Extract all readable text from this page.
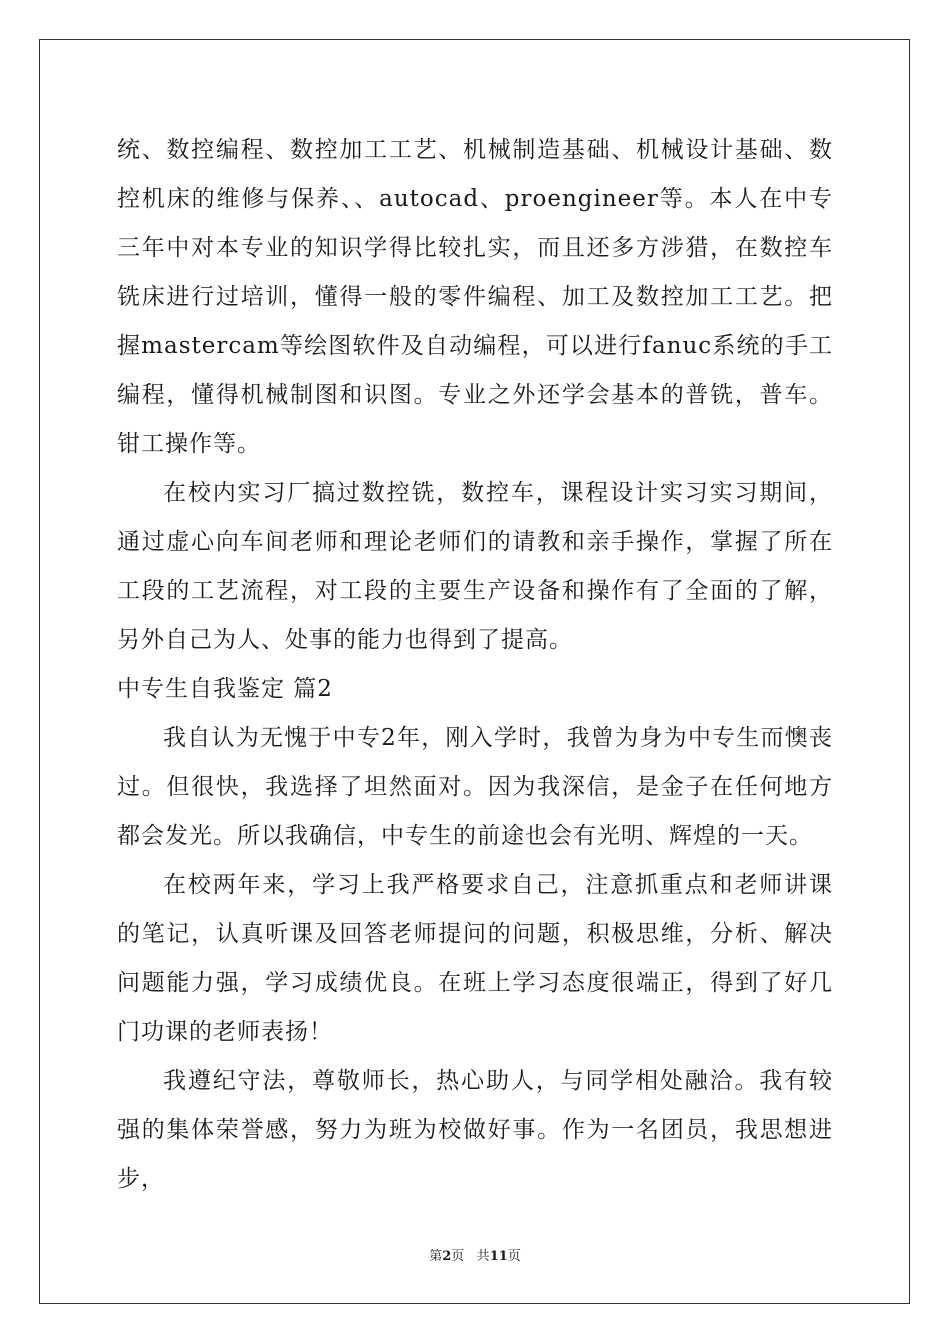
统、数控编程、数控加工工艺、机械制造基础、机械设计基础、数控机床的维修与保养、、autocad、proengineer等。本人在中专三年中对本专业的知识学得比较扎实，而且还多方涉猎，在数控车铣床进行过培训，懂得一般的零件编程、加工及数控加工工艺。把握mastercam等绘图软件及自动编程，可以进行fanuc系统的手工编程，懂得机械制图和识图。专业之外还学会基本的普铣，普车。钳工操作等。

在校内实习厂搞过数控铣，数控车，课程设计实习实习期间，通过虚心向车间老师和理论老师们的请教和亲手操作，掌握了所在工段的工艺流程，对工段的主要生产设备和操作有了全面的了解，另外自己为人、处事的能力也得到了提高。

中专生自我鉴定 篇2

我自认为无愧于中专2年，刚入学时，我曾为身为中专生而懊丧过。但很快，我选择了坦然面对。因为我深信，是金子在任何地方都会发光。所以我确信，中专生的前途也会有光明、辉煌的一天。

在校两年来，学习上我严格要求自己，注意抓重点和老师讲课的笔记，认真听课及回答老师提问的问题，积极思维，分析、解决问题能力强，学习成绩优良。在班上学习态度很端正，得到了好几门功课的老师表扬！

我遵纪守法，尊敬师长，热心助人，与同学相处融洽。我有较强的集体荣誉感，努力为班为校做好事。作为一名团员，我思想进步，

第2页 共11页
